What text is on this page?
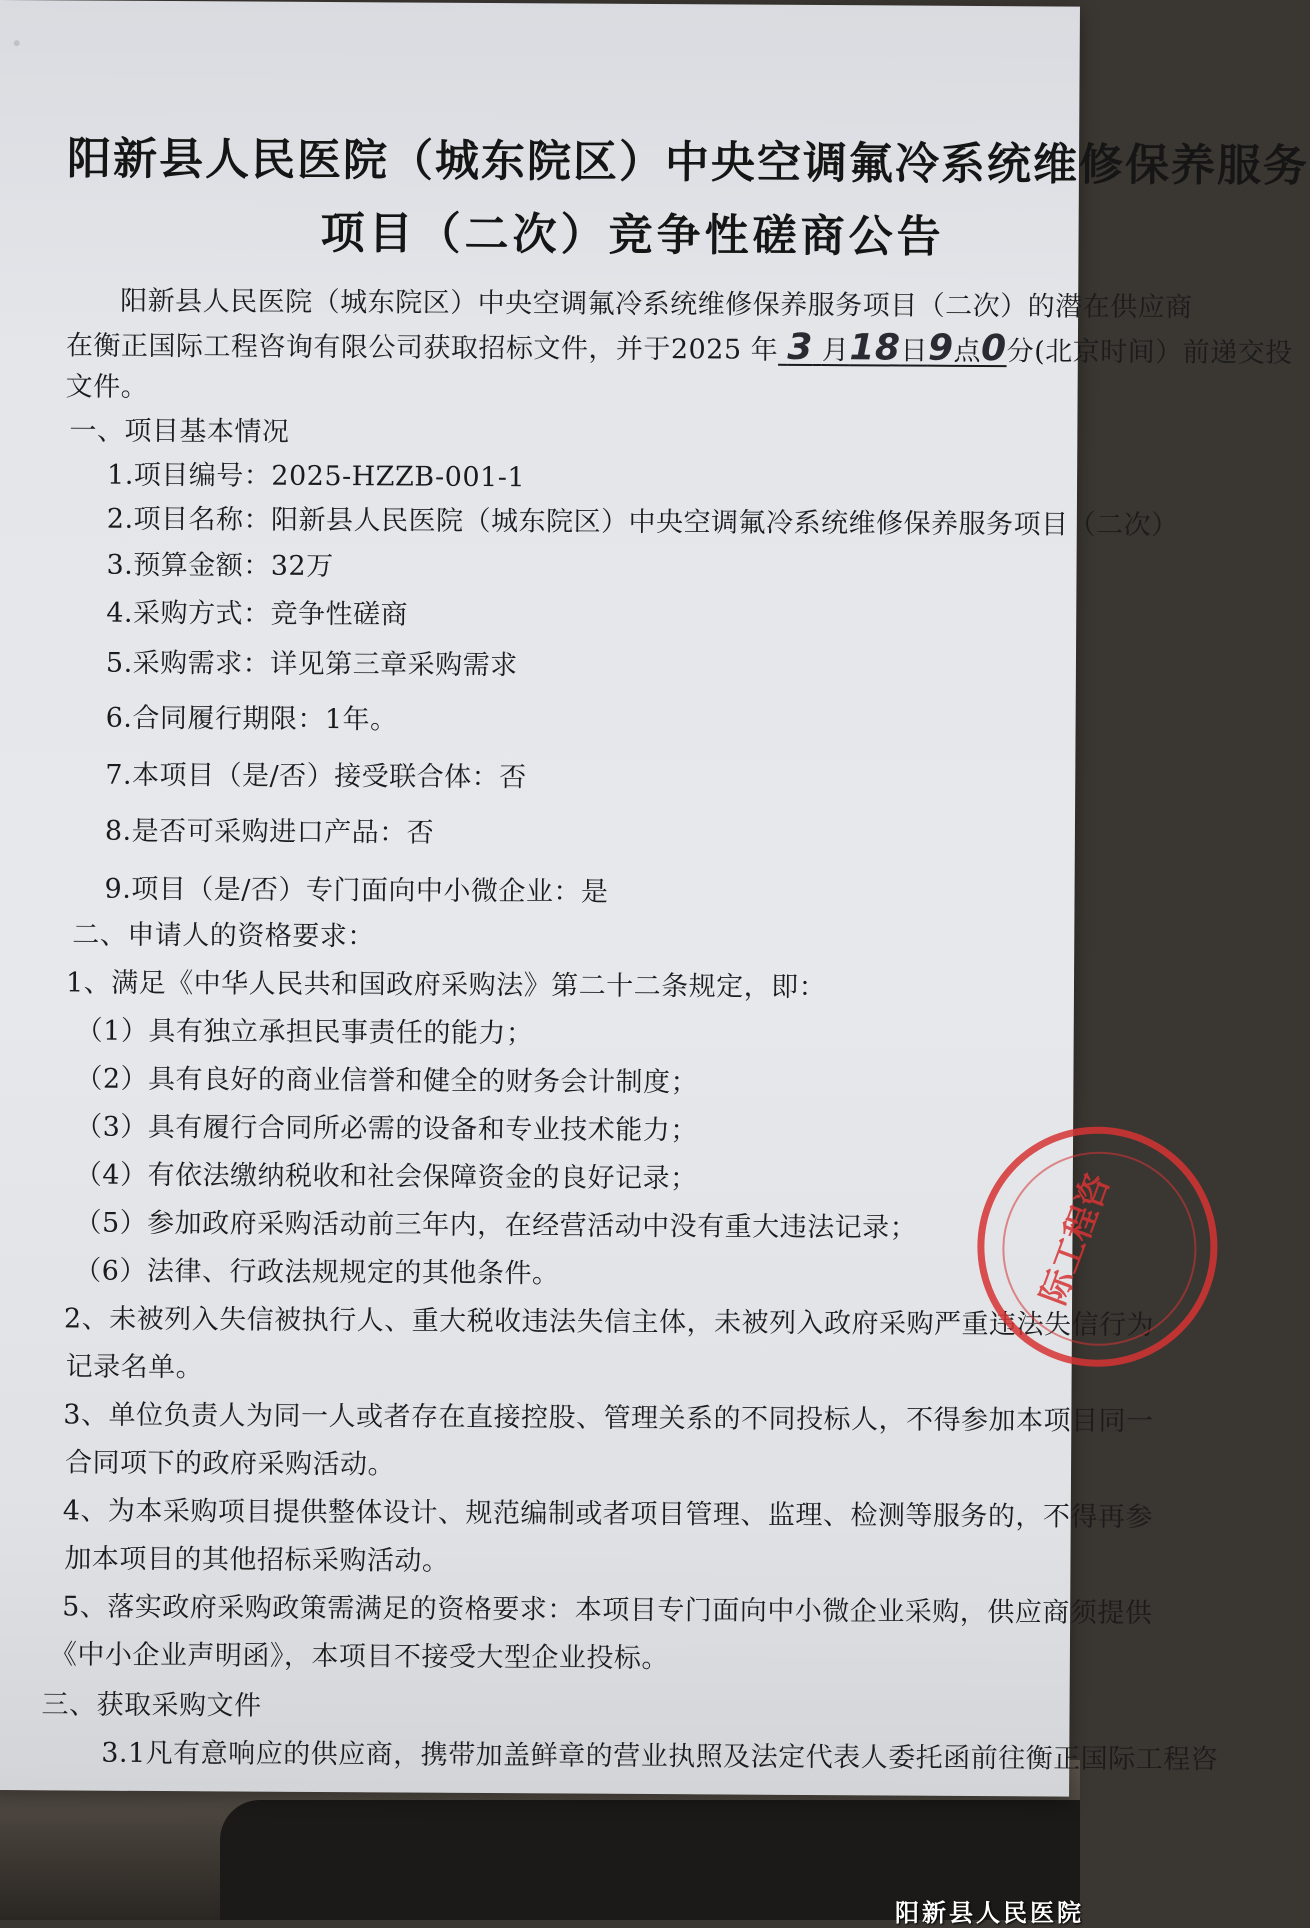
阳新县人民医院（城东院区）中央空调氟冷系统维修保养服务
项目（二次）竞争性磋商公告
阳新县人民医院（城东院区）中央空调氟冷系统维修保养服务项目（二次）的潜在供应商
在衡正国际工程咨询有限公司获取招标文件，并于2025 年 3 月18日9点0分(北京时间）前递交投
文件。
一、项目基本情况
1.项目编号：2025-HZZB-001-1
2.项目名称：阳新县人民医院（城东院区）中央空调氟冷系统维修保养服务项目（二次）
3.预算金额：32万
4.采购方式：竞争性磋商
5.采购需求：详见第三章采购需求
6.合同履行期限：1年。
7.本项目（是/否）接受联合体：否
8.是否可采购进口产品：否
9.项目（是/否）专门面向中小微企业：是
二、申请人的资格要求：
1、满足《中华人民共和国政府采购法》第二十二条规定，即：
（1）具有独立承担民事责任的能力；
（2）具有良好的商业信誉和健全的财务会计制度；
（3）具有履行合同所必需的设备和专业技术能力；
（4）有依法缴纳税收和社会保障资金的良好记录；
（5）参加政府采购活动前三年内，在经营活动中没有重大违法记录；
（6）法律、行政法规规定的其他条件。
2、未被列入失信被执行人、重大税收违法失信主体，未被列入政府采购严重违法失信行为
记录名单。
3、单位负责人为同一人或者存在直接控股、管理关系的不同投标人，不得参加本项目同一
合同项下的政府采购活动。
4、为本采购项目提供整体设计、规范编制或者项目管理、监理、检测等服务的，不得再参
加本项目的其他招标采购活动。
5、落实政府采购政策需满足的资格要求：本项目专门面向中小微企业采购，供应商须提供
《中小企业声明函》，本项目不接受大型企业投标。
三、获取采购文件
3.1凡有意响应的供应商，携带加盖鲜章的营业执照及法定代表人委托函前往衡正国际工程咨
际工程咨
阳新县人民医院
